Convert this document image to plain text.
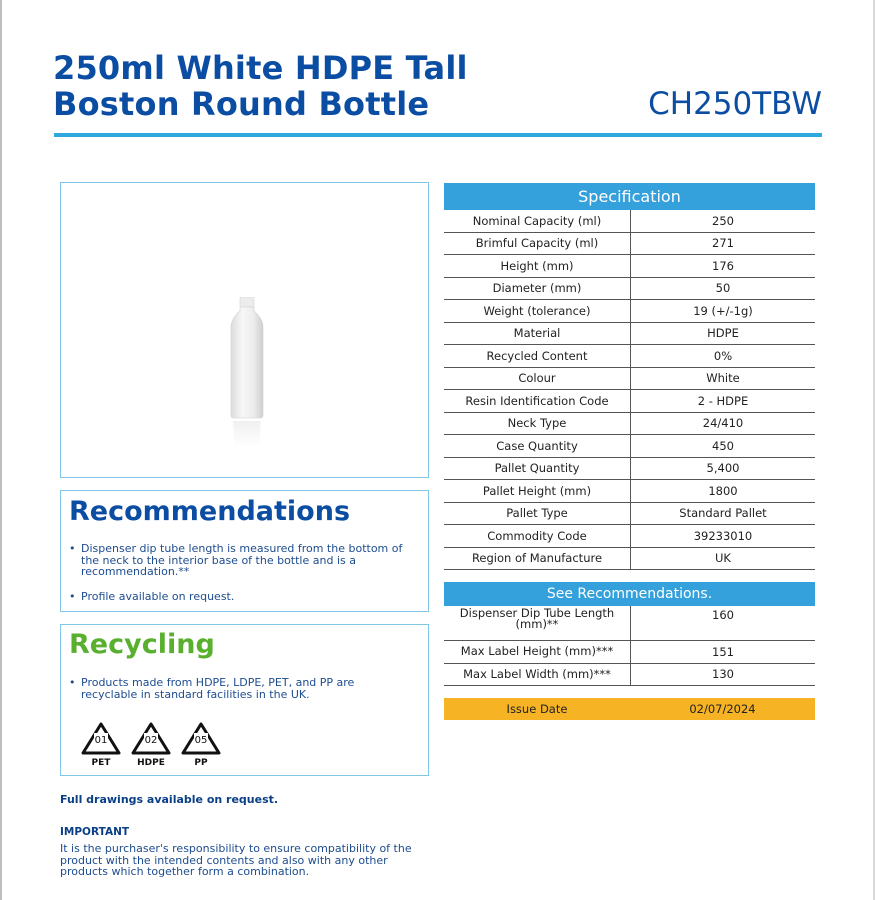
250ml White HDPE Tall
Boston Round Bottle	CH250TBW
Recommendations
• Dispenser dip tube length is measured from the bottom of the neck to the interior base of the bottle and is a recommendation.**
• Profile available on request.
Recycling
• Products made from HDPE, LDPE, PET, and PP are recyclable in standard facilities in the UK.
01
PET
02
HDPE
05
PP
Full drawings available on request.
IMPORTANT
It is the purchaser's responsibility to ensure compatibility of the product with the intended contents and also with any other products which together form a combination.
Specification	
Nominal Capacity (ml)	250
Brimful Capacity (ml)	271
Height (mm)	176
Diameter (mm)	50
Weight (tolerance)	19 (+/-1g)
Material	HDPE
Recycled Content	0%
Colour	White
Resin Identification Code	2 - HDPE
Neck Type	24/410
Case Quantity	450
Pallet Quantity	5,400
Pallet Height (mm)	1800
Pallet Type	Standard Pallet
Commodity Code	39233010
Region of Manufacture	UK
See Recommendations.	
Dispenser Dip Tube Length (mm)**	160
Max Label Height (mm)***	151
Max Label Width (mm)***	130
Issue Date	02/07/2024
